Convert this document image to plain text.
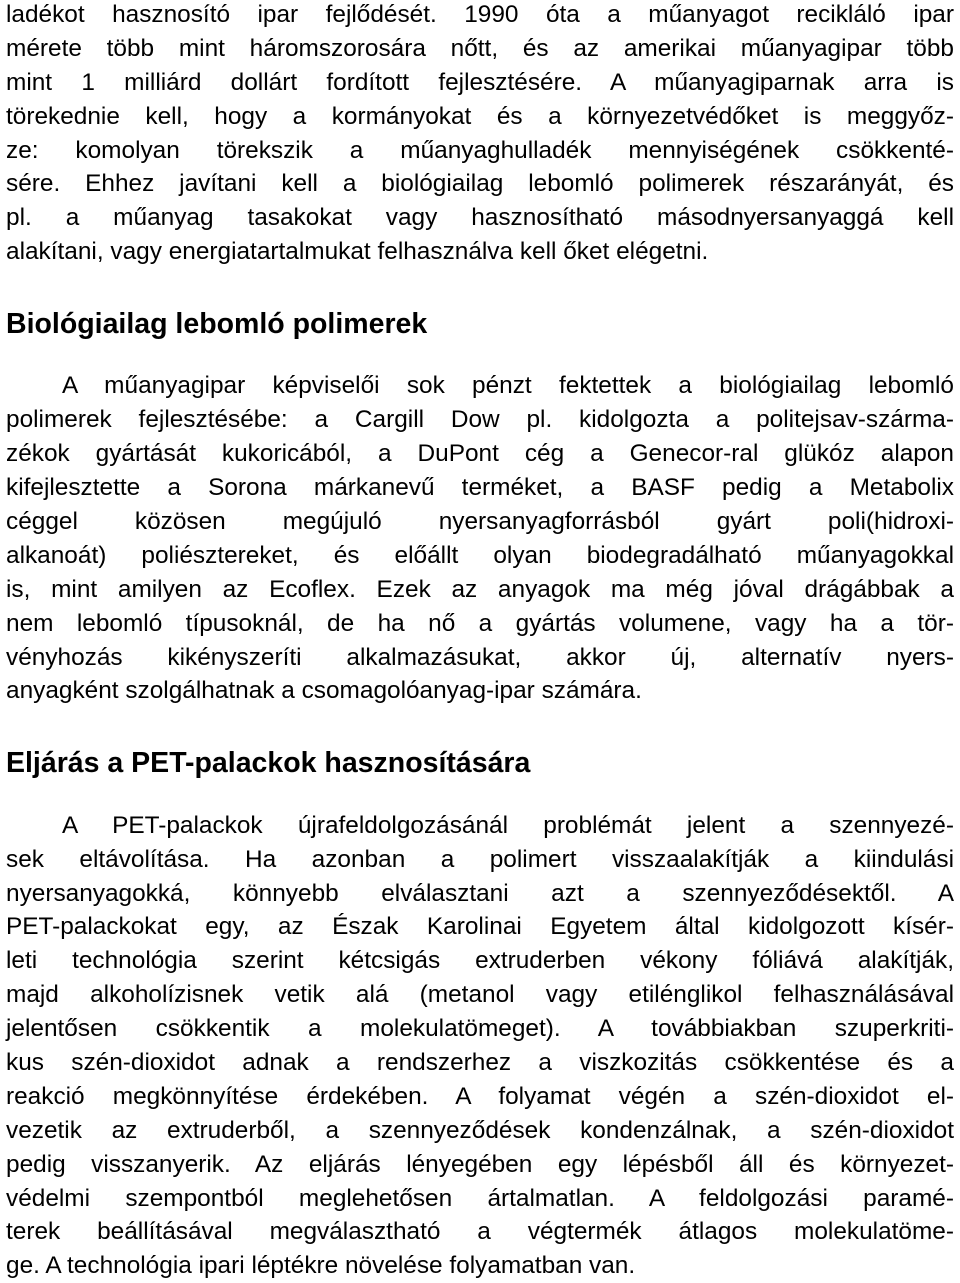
ladékot hasznosító ipar fejlődését. 1990 óta a műanyagot reciklálό ipar
mérete több mint háromszorosára nőtt, és az amerikai műanyagipar több
mint 1 milliárd dollárt fordított fejlesztésére. A műanyagiparnak arra is
törekednie kell, hogy a kormányokat és a környezetvédőket is meggyőz-
ze: komolyan törekszik a műanyaghulladék mennyiségének csökkenté-
sére. Ehhez javítani kell a biológiailag lebomló polimerek részarányát, és
pl. a műanyag tasakokat vagy hasznosítható másodnyersanyaggá kell
alakítani, vagy energiatartalmukat felhasználva kell őket elégetni.
Biológiailag lebomló polimerek
A műanyagipar képviselői sok pénzt fektettek a biológiailag lebomló
polimerek fejlesztésébe: a Cargill Dow pl. kidolgozta a politejsav-szárma-
zékok gyártását kukoricából, a DuPont cég a Genecor-ral glükóz alapon
kifejlesztette a Sorona márkanevű terméket, a BASF pedig a Metabolix
céggel közösen megújuló nyersanyagforrásból gyárt poli(hidroxi-
alkanoát) poliésztereket, és előállt olyan biodegradálható műanyagokkal
is, mint amilyen az Ecoflex. Ezek az anyagok ma még jóval drágábbak a
nem lebomló típusoknál, de ha nő a gyártás volumene, vagy ha a tör-
vényhozás kikényszeríti alkalmazásukat, akkor új, alternatív nyers-
anyagként szolgálhatnak a csomagolóanyag-ipar számára.
Eljárás a PET-palackok hasznosítására
A PET-palackok újrafeldolgozásánál problémát jelent a szennyezé-
sek eltávolítása. Ha azonban a polimert visszaalakítják a kiindulási
nyersanyagokká, könnyebb elválasztani azt a szennyeződésektől. A
PET-palackokat egy, az Észak Karolinai Egyetem által kidolgozott kísér-
leti technológia szerint kétcsigás extruderben vékony fóliává alakítják,
majd alkoholízisnek vetik alá (metanol vagy etilénglikol felhasználásával
jelentősen csökkentik a molekulatömeget). A továbbiakban szuperkriti-
kus szén-dioxidot adnak a rendszerhez a viszkozitás csökkentése és a
reakció megkönnyítése érdekében. A folyamat végén a szén-dioxidot el-
vezetik az extruderből, a szennyeződések kondenzálnak, a szén-dioxidot
pedig visszanyerik. Az eljárás lényegében egy lépésből áll és környezet-
védelmi szempontból meglehetősen ártalmatlan. A feldolgozási paramé-
terek beállításával megválasztható a végtermék átlagos molekulatöme-
ge. A technológia ipari léptékre növelése folyamatban van.
